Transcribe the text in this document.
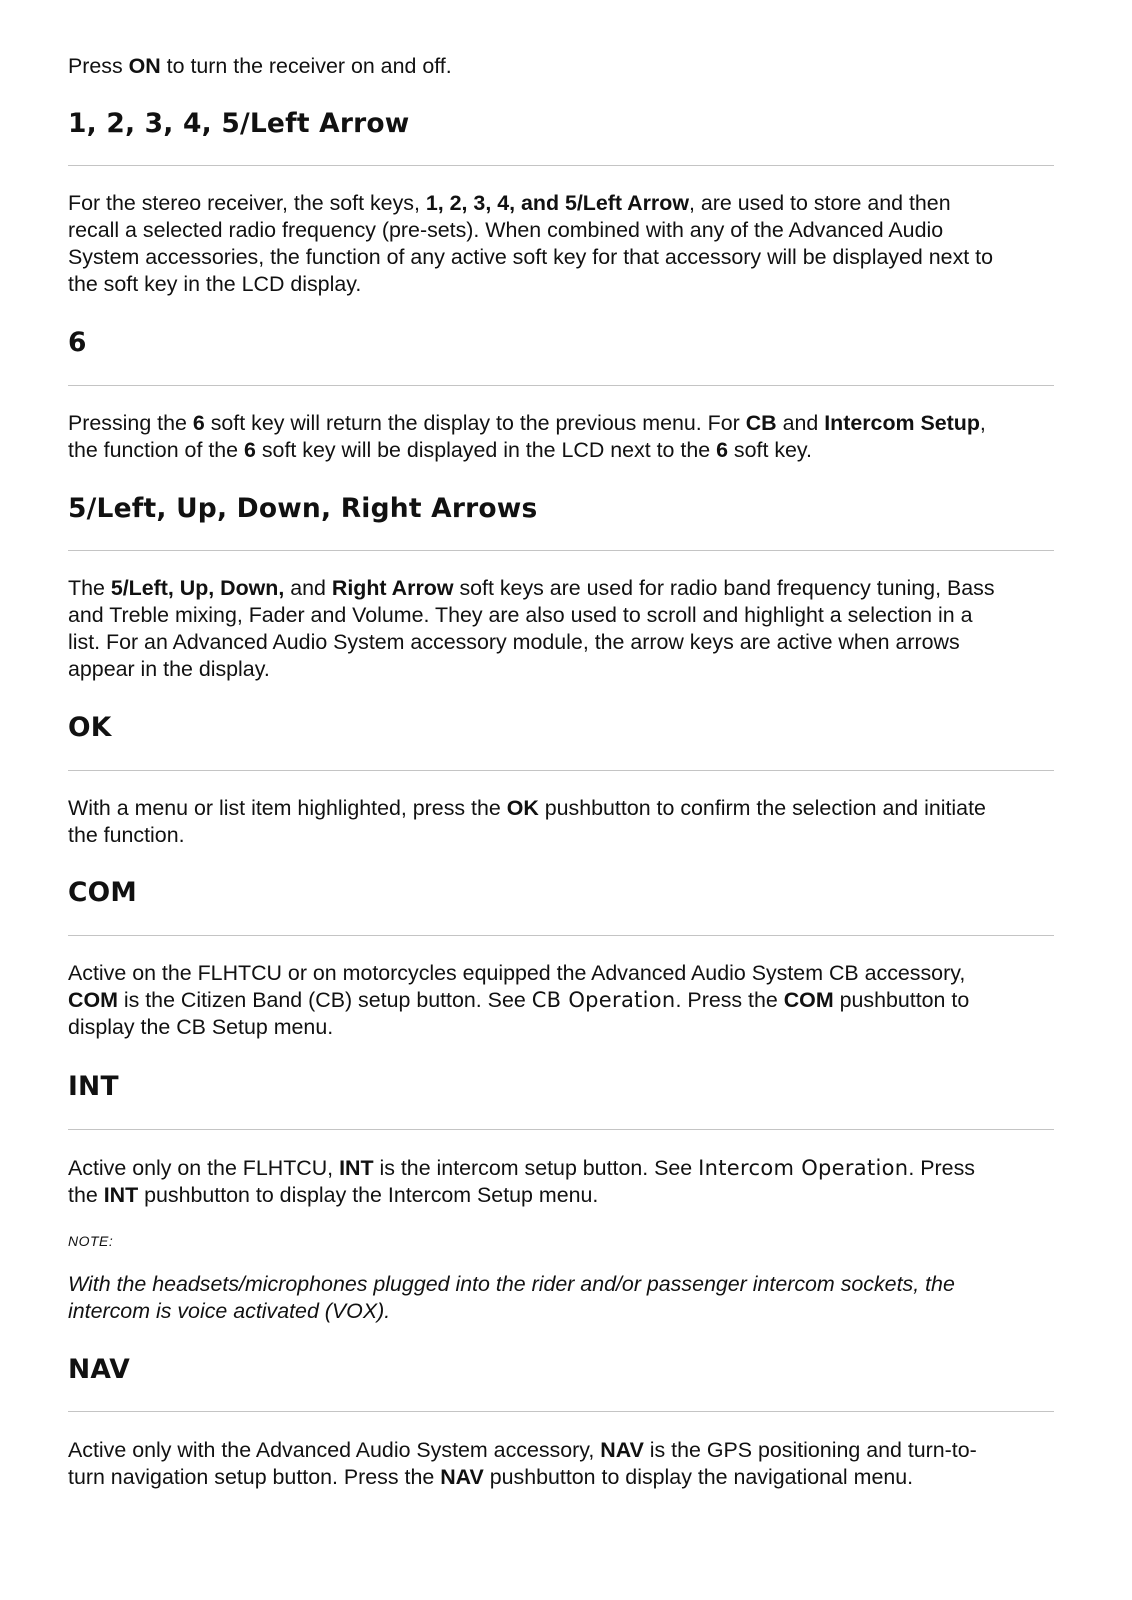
Press ON to turn the receiver on and off.

1, 2, 3, 4, 5/Left Arrow

For the stereo receiver, the soft keys, 1, 2, 3, 4, and 5/Left Arrow, are used to store and then

recall a selected radio frequency (pre-sets). When combined with any of the Advanced Audio

System accessories, the function of any active soft key for that accessory will be displayed next to

the soft key in the LCD display.

6

Pressing the 6 soft key will return the display to the previous menu. For CB and Intercom Setup,

the function of the 6 soft key will be displayed in the LCD next to the 6 soft key.

5/Left, Up, Down, Right Arrows

The 5/Left, Up, Down, and Right Arrow soft keys are used for radio band frequency tuning, Bass

and Treble mixing, Fader and Volume. They are also used to scroll and highlight a selection in a

list. For an Advanced Audio System accessory module, the arrow keys are active when arrows

appear in the display.

OK

With a menu or list item highlighted, press the OK pushbutton to confirm the selection and initiate

the function.

COM

Active on the FLHTCU or on motorcycles equipped the Advanced Audio System CB accessory,

COM is the Citizen Band (CB) setup button. See CB Operation. Press the COM pushbutton to

display the CB Setup menu.

INT

Active only on the FLHTCU, INT is the intercom setup button. See Intercom Operation. Press

the INT pushbutton to display the Intercom Setup menu.

NOTE:

With the headsets/microphones plugged into the rider and/or passenger intercom sockets, the

intercom is voice activated (VOX).

NAV

Active only with the Advanced Audio System accessory, NAV is the GPS positioning and turn-to-

turn navigation setup button. Press the NAV pushbutton to display the navigational menu.
